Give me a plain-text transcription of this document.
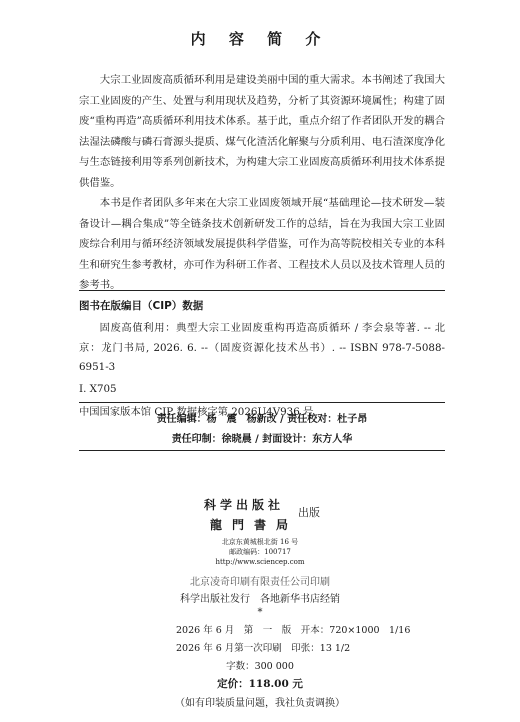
内 容 简 介

大宗工业固废高质循环利用是建设美丽中国的重大需求。本书阐述了我国大宗工业固废的产生、处置与利用现状及趋势，分析了其资源环境属性；构建了固废“重构再造”高质循环利用技术体系。基于此，重点介绍了作者团队开发的耦合法湿法磷酸与磷石膏源头提质、煤气化渣活化解聚与分质利用、电石渣深度净化与生态链接利用等系列创新技术，为构建大宗工业固废高质循环利用技术体系提供借鉴。

本书是作者团队多年来在大宗工业固废领域开展“基础理论—技术研发—装备设计—耦合集成”等全链条技术创新研发工作的总结，旨在为我国大宗工业固废综合利用与循环经济领域发展提供科学借鉴，可作为高等院校相关专业的本科生和研究生参考教材，亦可作为科研工作者、工程技术人员以及技术管理人员的参考书。

图书在版编目（CIP）数据
固废高值利用：典型大宗工业固废重构再造高质循环 / 李会泉等著. -- 北京：龙门书局, 2026. 6. --（固废资源化技术丛书）. -- ISBN 978-7-5088-6951-3
Ⅰ. X705
中国国家版本馆 CIP 数据核字第 2026U4V936 号
责任编辑：杨　震　杨新改 / 责任校对：杜子昂
责任印制：徐晓晨 / 封面设计：东方人华
科学出版社
龍門書局
出版
北京东黄城根北街 16 号
邮政编码：100717
http://www.sciencep.com
北京凌奇印刷有限责任公司印刷
科学出版社发行　各地新华书店经销
*
2026 年 6 月　第　一　版　开本：720×1000　1/16
2026 年 6 月第一次印刷　印张：13 1/2
字数：300 000
定价：118.00 元
（如有印装质量问题，我社负责调换）
